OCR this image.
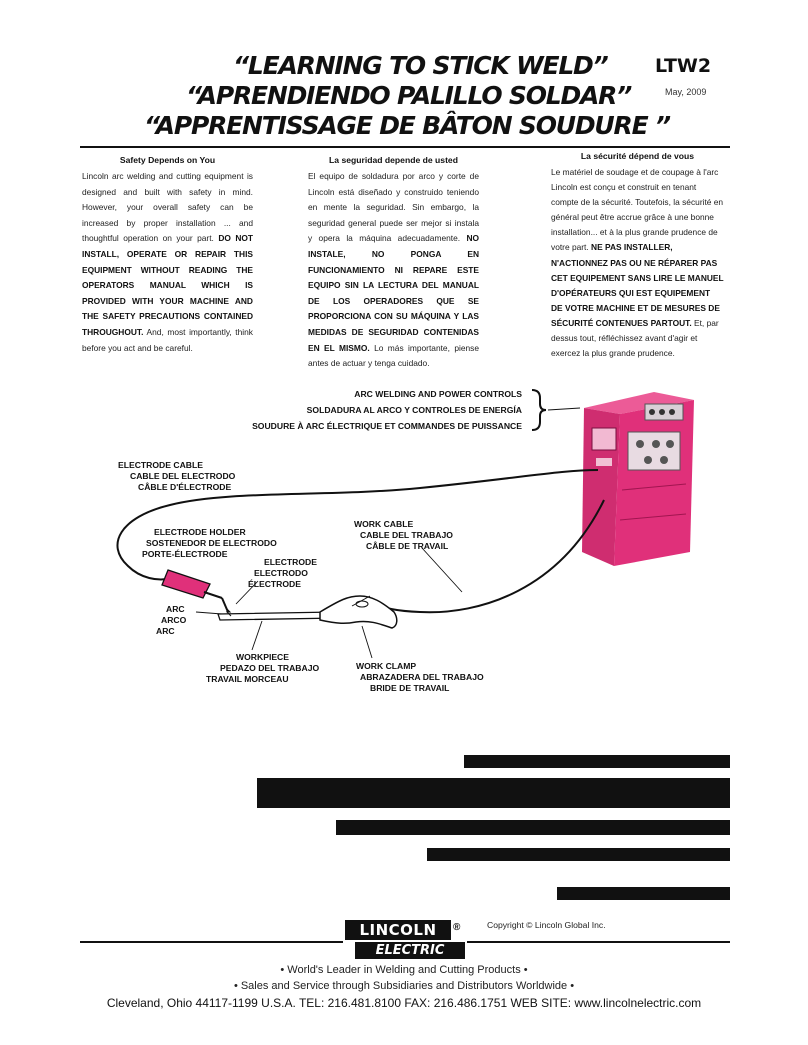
“LEARNING TO STICK WELD”
“APRENDIENDO PALILLO SOLDAR”
“APPRENTISSAGE DE BÂTON SOUDURE ”
LTW2
May, 2009
Safety Depends on You
Lincoln arc welding and cutting equipment is designed and built with safety in mind. However, your overall safety can be increased by proper installation ... and thoughtful operation on your part. DO NOT INSTALL, OPERATE OR REPAIR THIS EQUIPMENT WITHOUT READING THE OPERATORS MANUAL WHICH IS PROVIDED WITH YOUR MACHINE AND THE SAFETY PRECAUTIONS CONTAINED THROUGHOUT. And, most importantly, think before you act and be careful.
La seguridad depende de usted
El equipo de soldadura por arco y corte de Lincoln está diseñado y construido teniendo en mente la seguridad. Sin embargo, la seguridad general puede ser mejor si instala y opera la máquina adecuadamente. NO INSTALE, NO PONGA EN FUNCIONAMIENTO NI REPARE ESTE EQUIPO SIN LA LECTURA DEL MANUAL DE LOS OPERADORES QUE SE PROPORCIONA CON SU MÁQUINA Y LAS MEDIDAS DE SEGURIDAD CONTENIDAS EN EL MISMO. Lo más importante, piense antes de actuar y tenga cuidado.
La sécurité dépend de vous
Le matériel de soudage et de coupage à l'arc Lincoln est conçu et construit en tenant compte de la sécurité. Toutefois, la sécurité en général peut être accrue grâce à une bonne installation... et à la plus grande prudence de votre part. NE PAS INSTALLER, N'ACTIONNEZ PAS OU NE RÉPARER PAS CET EQUIPEMENT SANS LIRE LE MANUEL D'OPÉRATEURS QUI EST EQUIPEMENT DE VOTRE MACHINE ET DE MESURES DE SÉCURITÉ CONTENUES PARTOUT. Et, par dessus tout, réfléchissez avant d'agir et exercez la plus grande prudence.
ARC WELDING AND POWER CONTROLS
SOLDADURA AL ARCO Y CONTROLES DE ENERGÍA
SOUDURE À ARC ÉLECTRIQUE ET COMMANDES DE PUISSANCE
ELECTRODE CABLE
CABLE DEL ELECTRODO
CÂBLE D'ÉLECTRODE
ELECTRODE HOLDER
SOSTENEDOR DE ELECTRODO
PORTE-ÉLECTRODE
ELECTRODE
ELECTRODO
ÉLECTRODE
ARC
ARCO
ARC
WORKPIECE
PEDAZO DEL TRABAJO
TRAVAIL MORCEAU
WORK CABLE
CABLE DEL TRABAJO
CÂBLE DE TRAVAIL
WORK CLAMP
ABRAZADERA DEL TRABAJO
BRIDE DE TRAVAIL
LINCOLN	®
ELECTRIC
Copyright © Lincoln Global Inc.
• World's Leader in Welding and Cutting Products •
• Sales and Service through Subsidiaries and Distributors Worldwide •
Cleveland, Ohio 44117-1199 U.S.A. TEL: 216.481.8100 FAX: 216.486.1751 WEB SITE: www.lincolnelectric.com
